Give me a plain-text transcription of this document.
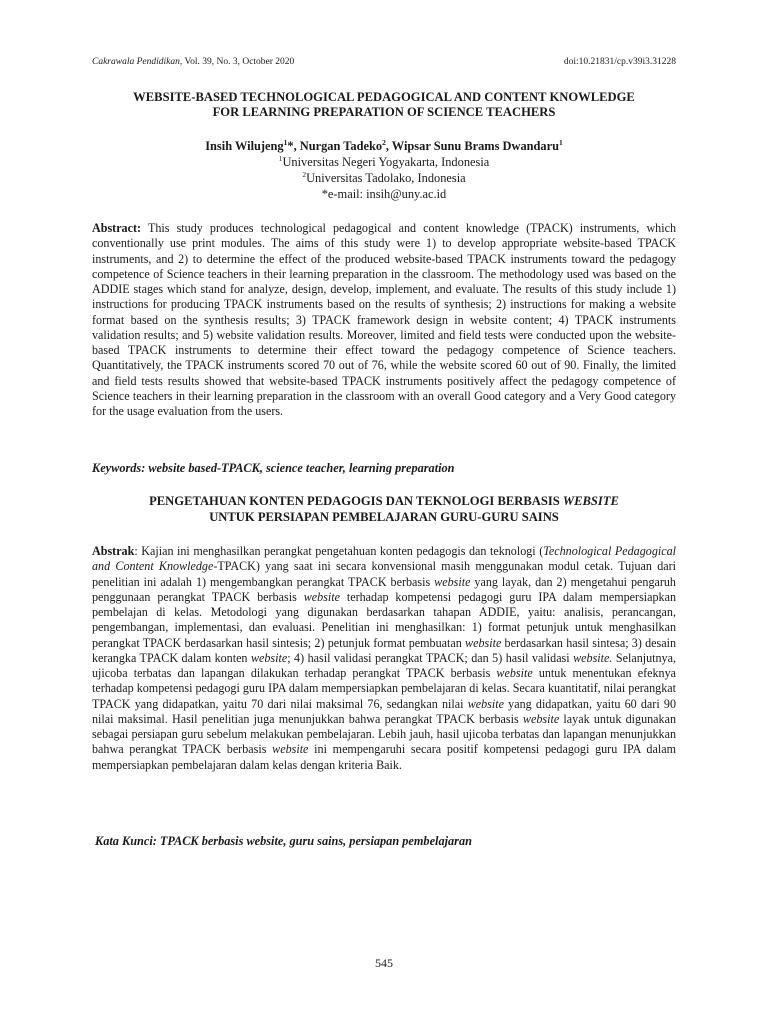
Cakrawala Pendidikan, Vol. 39, No. 3, October 2020	doi:10.21831/cp.v39i3.31228
WEBSITE-BASED TECHNOLOGICAL PEDAGOGICAL AND CONTENT KNOWLEDGE
FOR LEARNING PREPARATION OF SCIENCE TEACHERS
Insih Wilujeng$^1$*, Nurgan Tadeko$^2$, Wipsar Sunu Brams Dwandaru$^1$
$^1$Universitas Negeri Yogyakarta, Indonesia
$^2$Universitas Tadolako, Indonesia
*e-mail: insih@uny.ac.id
Abstract: This study produces technological pedagogical and content knowledge (TPACK) instruments, which conventionally use print modules. The aims of this study were 1) to develop appropriate website-based TPACK instruments, and 2) to determine the effect of the produced website-based TPACK instruments toward the pedagogy competence of Science teachers in their learning preparation in the classroom. The methodology used was based on the ADDIE stages which stand for analyze, design, develop, implement, and evaluate. The results of this study include 1) instructions for producing TPACK instruments based on the results of synthesis; 2) instructions for making a website format based on the synthesis results; 3) TPACK framework design in website content; 4) TPACK instruments validation results; and 5) website validation results. Moreover, limited and field tests were conducted upon the website-based TPACK instruments to determine their effect toward the pedagogy competence of Science teachers. Quantitatively, the TPACK instruments scored 70 out of 76, while the website scored 60 out of 90. Finally, the limited and field tests results showed that website-based TPACK instruments positively affect the pedagogy competence of Science teachers in their learning preparation in the classroom with an overall Good category and a Very Good category for the usage evaluation from the users.
Keywords: website based-TPACK, science teacher, learning preparation
PENGETAHUAN KONTEN PEDAGOGIS DAN TEKNOLOGI BERBASIS WEBSITE
UNTUK PERSIAPAN PEMBELAJARAN GURU-GURU SAINS
Abstrak: Kajian ini menghasilkan perangkat pengetahuan konten pedagogis dan teknologi (Technological Pedagogical and Content Knowledge-TPACK) yang saat ini secara konvensional masih menggunakan modul cetak. Tujuan dari penelitian ini adalah 1) mengembangkan perangkat TPACK berbasis website yang layak, dan 2) mengetahui pengaruh penggunaan perangkat TPACK berbasis website terhadap kompetensi pedagogi guru IPA dalam mempersiapkan pembelajan di kelas. Metodologi yang digunakan berdasarkan tahapan ADDIE, yaitu: analisis, perancangan, pengembangan, implementasi, dan evaluasi. Penelitian ini menghasilkan: 1) format petunjuk untuk menghasilkan perangkat TPACK berdasarkan hasil sintesis; 2) petunjuk format pembuatan website berdasarkan hasil sintesa; 3) desain kerangka TPACK dalam konten website; 4) hasil validasi perangkat TPACK; dan 5) hasil validasi website. Selanjutnya, ujicoba terbatas dan lapangan dilakukan terhadap perangkat TPACK berbasis website untuk menentukan efeknya terhadap kompetensi pedagogi guru IPA dalam mempersiapkan pembelajaran di kelas. Secara kuantitatif, nilai perangkat TPACK yang didapatkan, yaitu 70 dari nilai maksimal 76, sedangkan nilai website yang didapatkan, yaitu 60 dari 90 nilai maksimal. Hasil penelitian juga menunjukkan bahwa perangkat TPACK berbasis website layak untuk digunakan sebagai persiapan guru sebelum melakukan pembelajaran. Lebih jauh, hasil ujicoba terbatas dan lapangan menunjukkan bahwa perangkat TPACK berbasis website ini mempengaruhi secara positif kompetensi pedagogi guru IPA dalam mempersiapkan pembelajaran dalam kelas dengan kriteria Baik.
Kata Kunci: TPACK berbasis website, guru sains, persiapan pembelajaran
545
